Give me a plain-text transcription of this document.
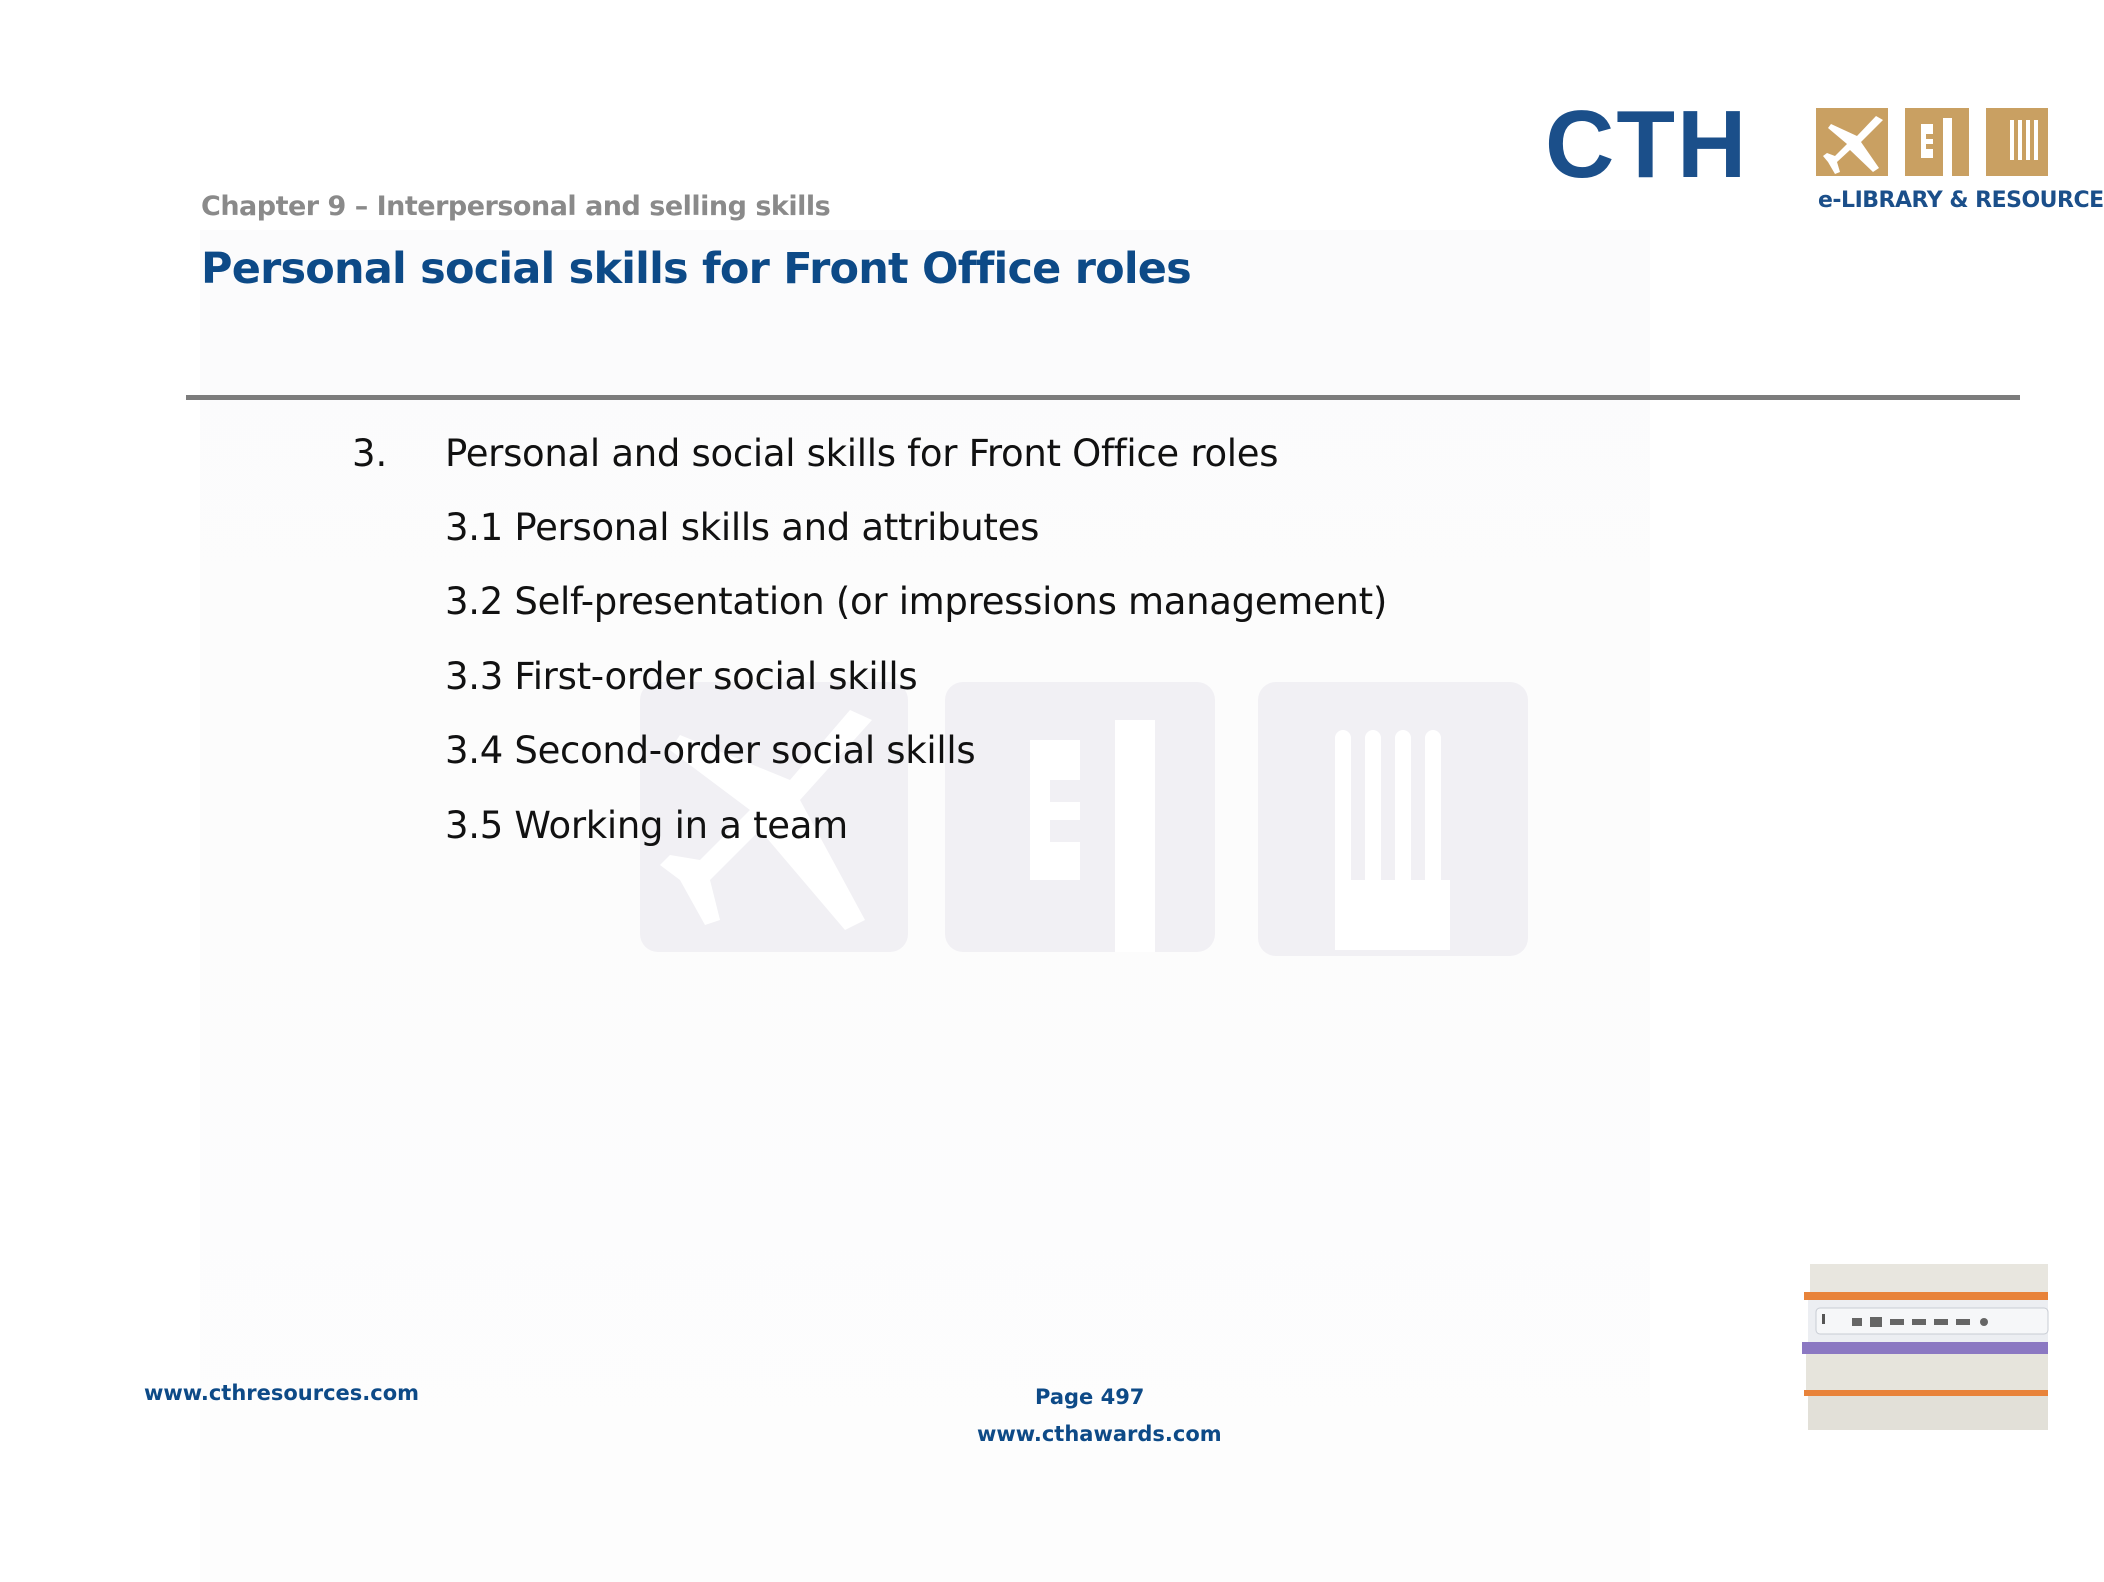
Chapter 9 – Interpersonal and selling skills
Personal social skills for Front Office roles
CTH
e-LIBRARY & RESOURCE
3. Personal and social skills for Front Office roles
3.1 Personal skills and attributes
3.2 Self-presentation (or impressions management)
3.3 First-order social skills
3.4 Second-order social skills
3.5 Working in a team
www.cthresources.com	Page 497
www.cthawards.com
